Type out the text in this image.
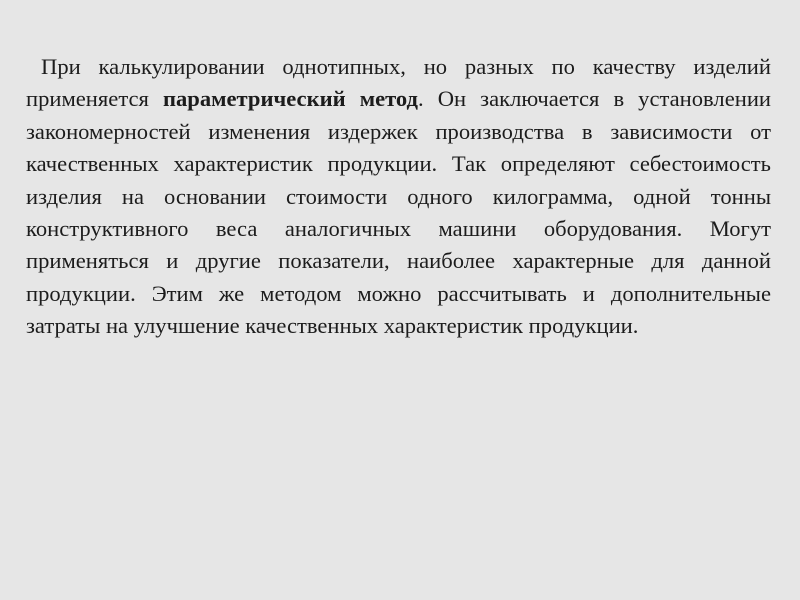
При калькулировании однотипных, но разных по качеству изделий применяется параметрический метод. Он заключается в установлении закономерностей изменения издержек производства в зависимости от качественных характеристик продукции. Так определяют себестоимость изделия на основании стоимости одного килограмма, одной тонны конструктивного веса аналогичных машини оборудования. Могут применяться и другие показатели, наиболее характерные для данной продукции. Этим же методом можно рассчитывать и дополнительные затраты на улучшение качественных характеристик продукции.
